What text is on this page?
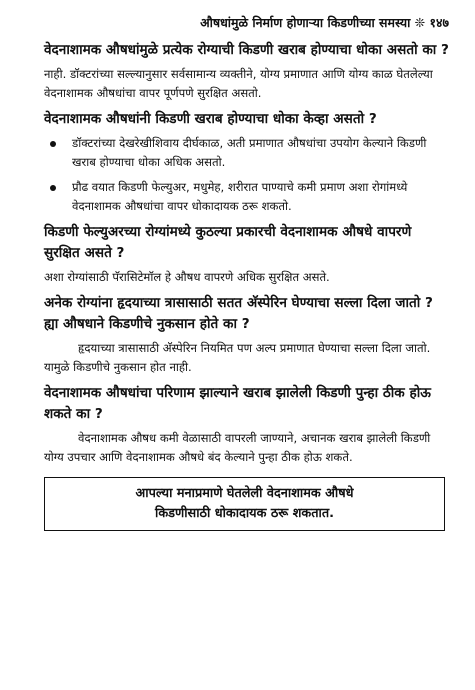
औषधांमुळे निर्माण होणाऱ्या किडणीच्या समस्या ❊ १४७
वेदनाशामक औषधांमुळे प्रत्येक रोग्याची किडणी खराब होण्याचा धोका असतो का ?

नाही. डॉक्टरांच्या सल्ल्यानुसार सर्वसामान्य व्यक्तीने, योग्य प्रमाणात आणि योग्य काळ घेतलेल्या वेदनाशामक औषधांचा वापर पूर्णपणे सुरक्षित असतो.

वेदनाशामक औषधांनी किडणी खराब होण्याचा धोका केव्हा असतो ?
डॉक्टरांच्या देखरेखीशिवाय दीर्घकाळ, अती प्रमाणात औषधांचा उपयोग केल्याने किडणी खराब होण्याचा धोका अधिक असतो.
प्रौढ वयात किडणी फेल्युअर, मधुमेह, शरीरात पाण्याचे कमी प्रमाण अशा रोगांमध्ये वेदनाशामक औषधांचा वापर धोकादायक ठरू शकतो.
किडणी फेल्युअरच्या रोग्यांमध्ये कुठल्या प्रकारची वेदनाशामक औषधे वापरणे सुरक्षित असते ?

अशा रोग्यांसाठी पॅरासिटेमॉल हे औषध वापरणे अधिक सुरक्षित असते.

अनेक रोग्यांना हृदयाच्या त्रासासाठी सतत अ‍ॅस्पेरिन घेण्याचा सल्ला दिला जातो ? ह्या औषधाने किडणीचे नुकसान होते का ?

हृदयाच्या त्रासासाठी अ‍ॅस्पेरिन नियमित पण अल्प प्रमाणात घेण्याचा सल्ला दिला जातो. यामुळे किडणीचे नुकसान होत नाही.

वेदनाशामक औषधांचा परिणाम झाल्याने खराब झालेली किडणी पुन्हा ठीक होऊ शकते का ?

वेदनाशामक औषध कमी वेळासाठी वापरली जाण्याने, अचानक खराब झालेली किडणी योग्य उपचार आणि वेदनाशामक औषधे बंद केल्याने पुन्हा ठीक होऊ शकते.

आपल्या मनाप्रमाणे घेतलेली वेदनाशामक औषधे
किडणीसाठी धोकादायक ठरू शकतात.
